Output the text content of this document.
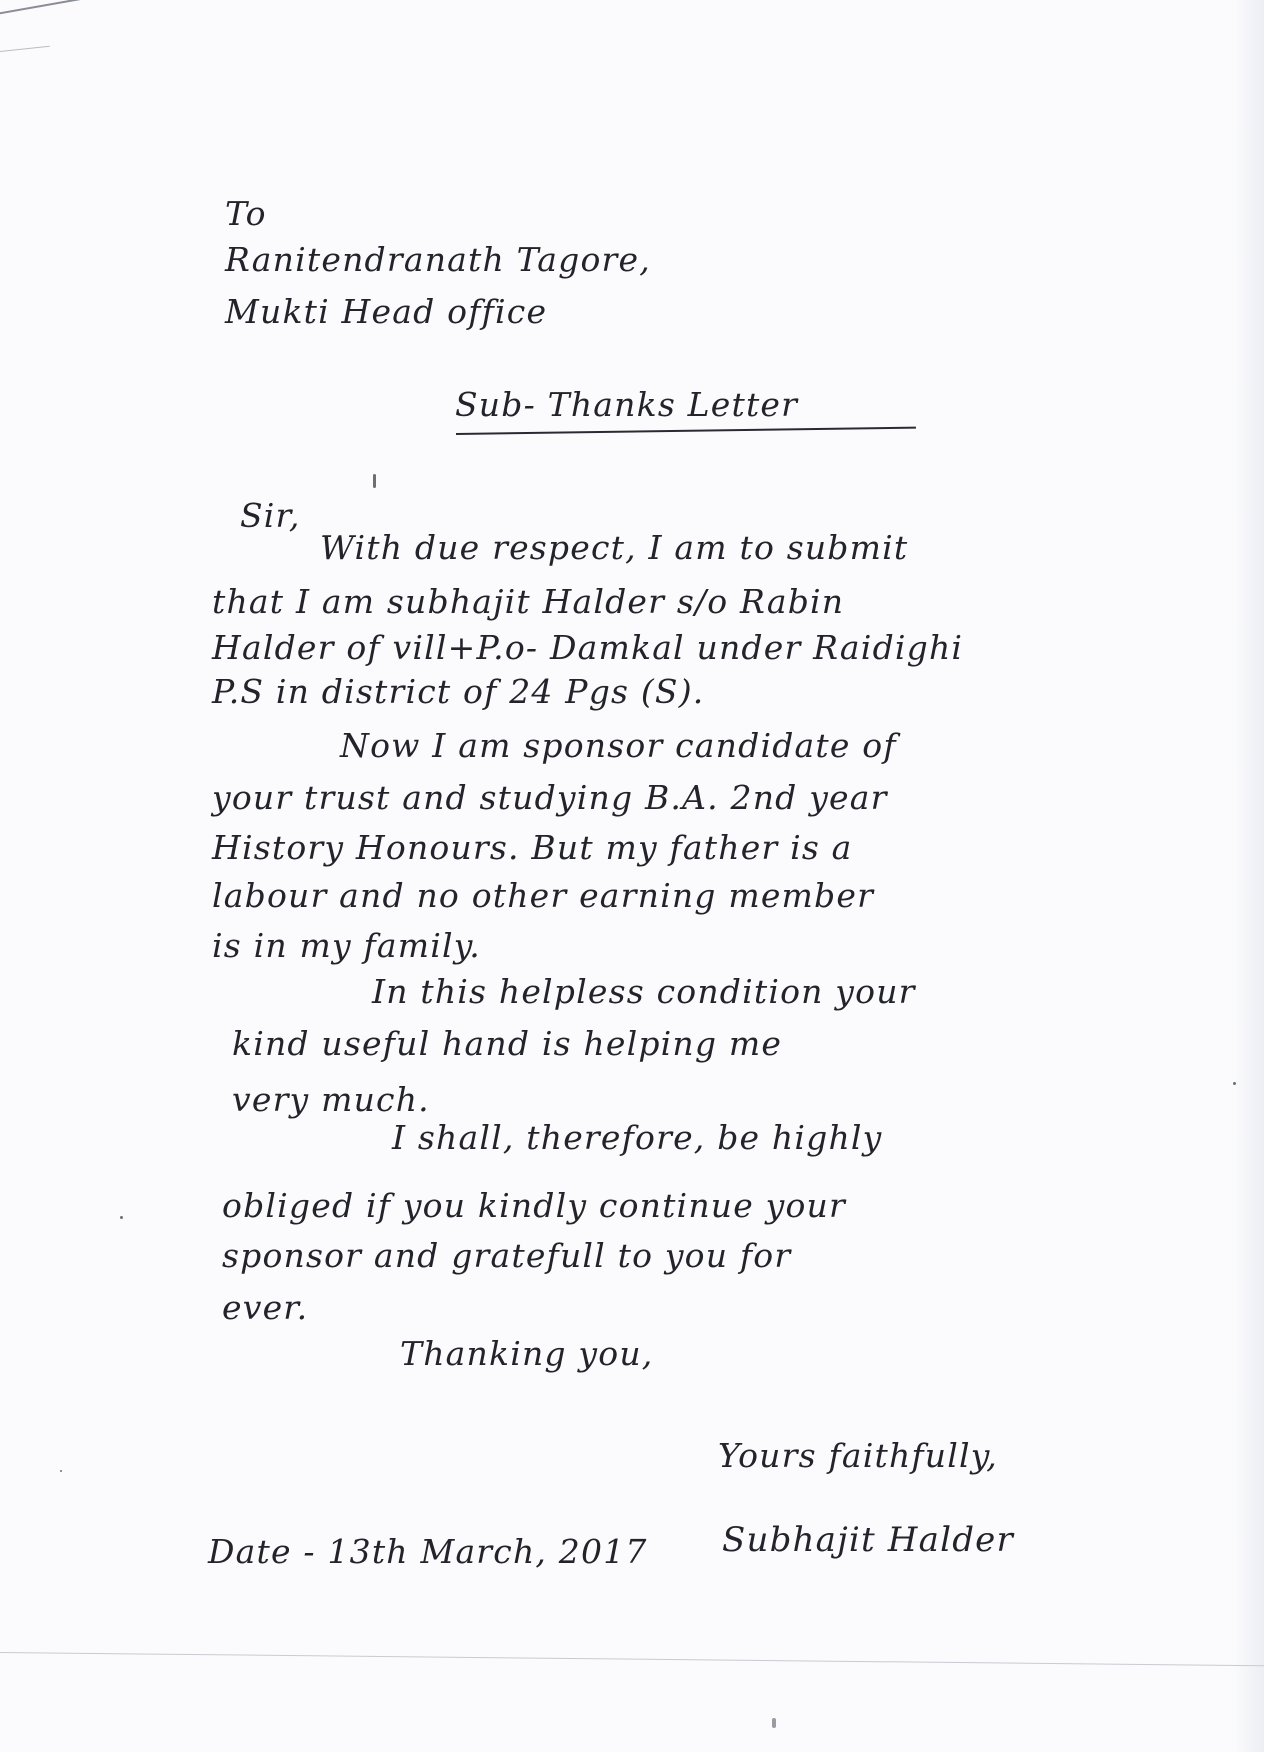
To

Ranitendranath Tagore,

Mukti Head office

Sub- Thanks Letter

Sir,

With due respect, I am to submit

that I am subhajit Halder s/o Rabin

Halder of vill+P.o- Damkal under Raidighi

P.S in district of 24 Pgs (S).

Now I am sponsor candidate of

your trust and studying B.A. 2nd year

History Honours. But my father is a

labour and no other earning member

is in my family.

In this helpless condition your

kind useful hand is helping me

very much.

I shall, therefore, be highly

obliged if you kindly continue your

sponsor and gratefull to you for

ever.

Thanking you,

Yours faithfully,

Date - 13th March, 2017 Subhajit Halder
